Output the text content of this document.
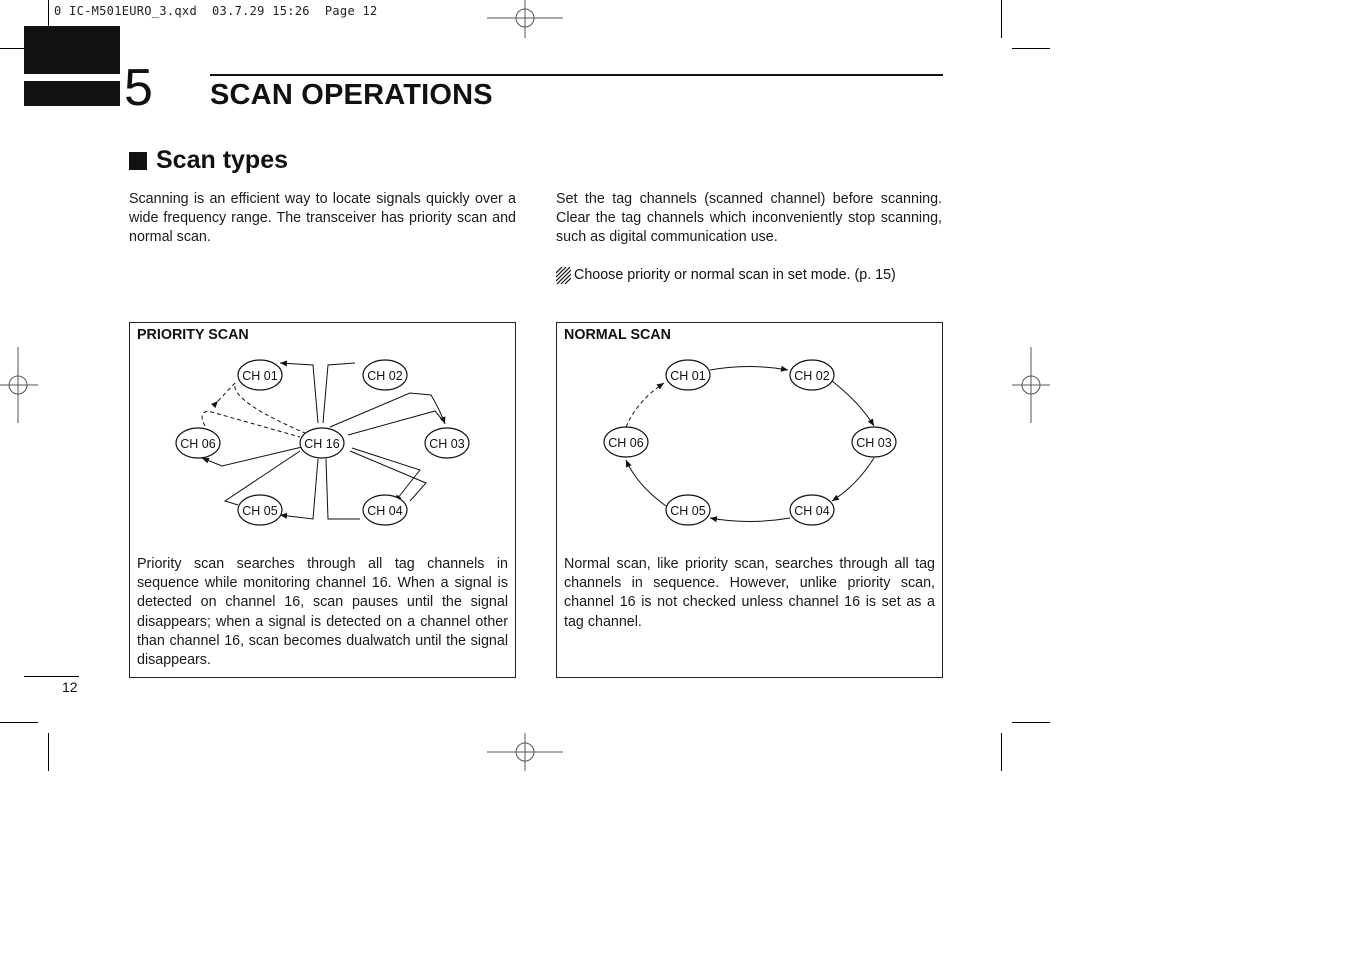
0 IC-M501EURO_3.qxd  03.7.29 15:26  Page 12
5 SCAN OPERATIONS
Scan types
Scanning is an efficient way to locate signals quickly over a wide frequency range. The transceiver has priority scan and normal scan.
Set the tag channels (scanned channel) before scanning. Clear the tag channels which inconveniently stop scanning, such as digital communication use.
Choose priority or normal scan in set mode. (p. 15)
PRIORITY SCAN
CH 01	CH 02
CH 03
CH 04
CH 05
CH 06	CH 16
Priority scan searches through all tag channels in sequence while monitoring channel 16. When a signal is detected on channel 16, scan pauses until the signal disappears; when a signal is detected on a channel other than channel 16, scan becomes dualwatch until the signal disappears.
NORMAL SCAN
CH 01	CH 02
CH 03
CH 04
CH 05
CH 06
Normal scan, like priority scan, searches through all tag channels in sequence. However, unlike priority scan, channel 16 is not checked unless channel 16 is set as a tag channel.
12
